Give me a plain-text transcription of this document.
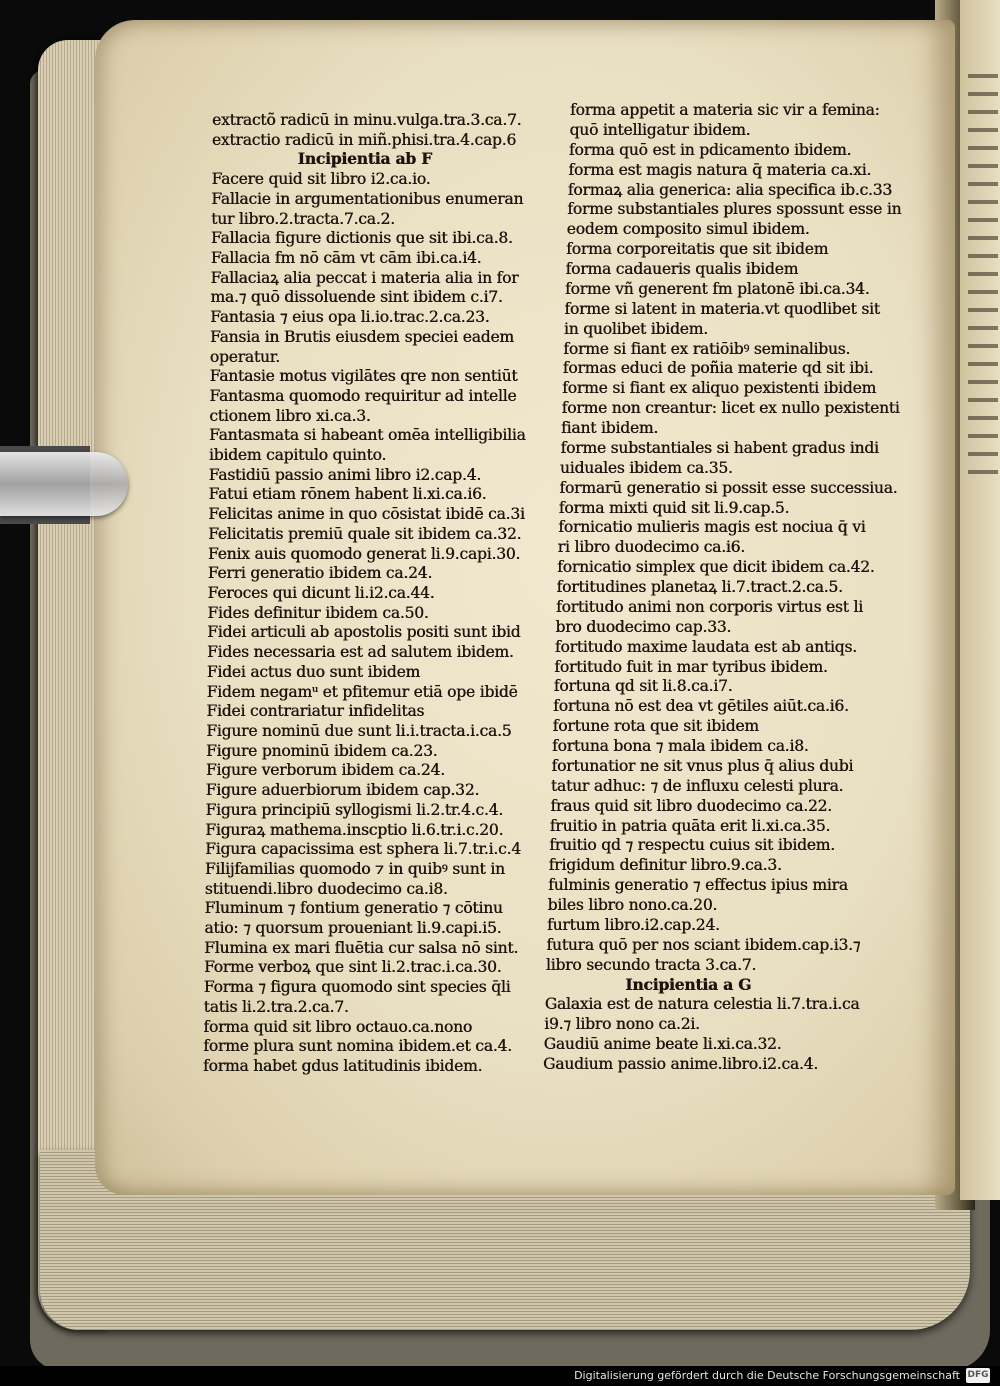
extractõ radicū in minu.vulga.tra.3.ca.7.
extractio radicū in miñ.phisi.tra.4.cap.6
Incipientia ab F
Facere quid sit libro i2.ca.io.
Fallacie in argumentationibus enumeran
tur libro.2.tracta.7.ca.2.
Fallacia figure dictionis que sit ibi.ca.8.
Fallacia fm nō cām vt cām ibi.ca.i4.
Fallaciaꝝ alia peccat i materia alia in for
ma.⁊ quō dissoluende sint ibidem c.i7.
Fantasia ⁊ eius opa li.io.trac.2.ca.23.
Fansia in Brutis eiusdem speciei eadem
operatur.
Fantasie motus vigilātes qre non sentiūt
Fantasma quomodo requiritur ad intelle
ctionem libro xi.ca.3.
Fantasmata si habeant omēa intelligibilia
ibidem capitulo quinto.
Fastidiū passio animi libro i2.cap.4.
Fatui etiam rōnem habent li.xi.ca.i6.
Felicitas anime in quo cōsistat ibidē ca.3i
Felicitatis premiū quale sit ibidem ca.32.
Fenix auis quomodo generat li.9.capi.30.
Ferri generatio ibidem ca.24.
Feroces qui dicunt li.i2.ca.44.
Fides definitur ibidem ca.50.
Fidei articuli ab apostolis positi sunt ibid
Fides necessaria est ad salutem ibidem.
Fidei actus duo sunt ibidem
Fidem negamᵘ et pfitemur etiā ope ibidē
Fidei contrariatur infidelitas
Figure nominū due sunt li.i.tracta.i.ca.5
Figure pnominū ibidem ca.23.
Figure verborum ibidem ca.24.
Figure aduerbiorum ibidem cap.32.
Figura principiū syllogismi li.2.tr.4.c.4.
Figuraꝝ mathema.inscptio li.6.tr.i.c.20.
Figura capacissima est sphera li.7.tr.i.c.4
Filijfamilias quomodo ⁊ in quibꝰ sunt in
stituendi.libro duodecimo ca.i8.
Fluminum ⁊ fontium generatio ⁊ cōtinu
atio: ⁊ quorsum proueniant li.9.capi.i5.
Flumina ex mari fluētia cur salsa nō sint.
Forme verboꝝ que sint li.2.trac.i.ca.30.
Forma ⁊ figura quomodo sint species q̄li
tatis li.2.tra.2.ca.7.
forma quid sit libro octauo.ca.nono
forme plura sunt nomina ibidem.et ca.4.
forma habet gdus latitudinis ibidem.
forma appetit a materia sic vir a femina:
quō intelligatur ibidem.
forma quō est in pdicamento ibidem.
forma est magis natura q̄ materia ca.xi.
formaꝝ alia generica: alia specifica ib.c.33
forme substantiales plures spossunt esse in
eodem composito simul ibidem.
forma corporeitatis que sit ibidem
forma cadaueris qualis ibidem
forme vñ generent fm platonē ibi.ca.34.
forme si latent in materia.vt quodlibet sit
in quolibet ibidem.
forme si fiant ex ratiōibꝰ seminalibus.
formas educi de poñia materie qd sit ibi.
forme si fiant ex aliquo pexistenti ibidem
forme non creantur: licet ex nullo pexistenti
fiant ibidem.
forme substantiales si habent gradus indi
uiduales ibidem ca.35.
formarū generatio si possit esse successiua.
forma mixti quid sit li.9.cap.5.
fornicatio mulieris magis est nociua q̄ vi
ri libro duodecimo ca.i6.
fornicatio simplex que dicit ibidem ca.42.
fortitudines planetaꝝ li.7.tract.2.ca.5.
fortitudo animi non corporis virtus est li
bro duodecimo cap.33.
fortitudo maxime laudata est ab antiqs.
fortitudo fuit in mar tyribus ibidem.
fortuna qd sit li.8.ca.i7.
fortuna nō est dea vt gētiles aiūt.ca.i6.
fortune rota que sit ibidem
fortuna bona ⁊ mala ibidem ca.i8.
fortunatior ne sit vnus plus q̄ alius dubi
tatur adhuc: ⁊ de influxu celesti plura.
fraus quid sit libro duodecimo ca.22.
fruitio in patria quāta erit li.xi.ca.35.
fruitio qd ⁊ respectu cuius sit ibidem.
frigidum definitur libro.9.ca.3.
fulminis generatio ⁊ effectus ipius mira
biles libro nono.ca.20.
furtum libro.i2.cap.24.
futura quō per nos sciant ibidem.cap.i3.⁊
libro secundo tracta 3.ca.7.
Incipientia a G
Galaxia est de natura celestia li.7.tra.i.ca
i9.⁊ libro nono ca.2i.
Gaudiū anime beate li.xi.ca.32.
Gaudium passio anime.libro.i2.ca.4.
Digitalisierung gefördert durch die Deutsche Forschungsgemeinschaft DFG
